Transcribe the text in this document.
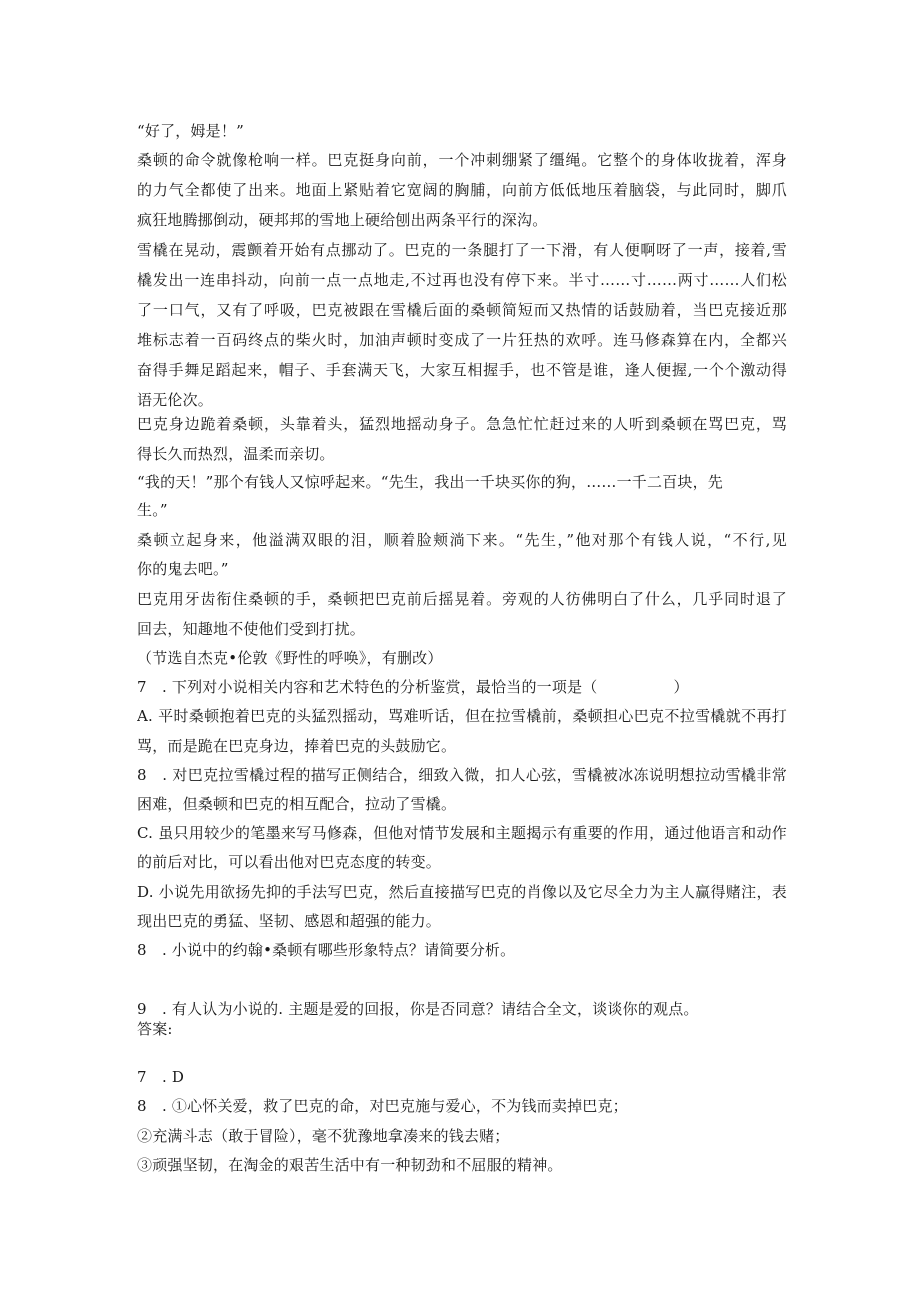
“好了，姆是！”
桑顿的命令就像枪响一样。巴克挺身向前，一个冲刺绷紧了缰绳。它整个的身体收拢着，浑身
的力气全都使了出来。地面上紧贴着它宽阔的胸脯，向前方低低地压着脑袋，与此同时，脚爪
疯狂地腾挪倒动，硬邦邦的雪地上硬给刨出两条平行的深沟。
雪橇在晃动，震颤着开始有点挪动了。巴克的一条腿打了一下滑，有人便啊呀了一声，接着,雪
橇发出一连串抖动，向前一点一点地走,不过再也没有停下来。半寸……寸……两寸……人们松
了一口气，又有了呼吸，巴克被跟在雪橇后面的桑顿简短而又热情的话鼓励着，当巴克接近那
堆标志着一百码终点的柴火时，加油声顿时变成了一片狂热的欢呼。连马修森算在内，全都兴
奋得手舞足蹈起来，帽子、手套满天飞，大家互相握手，也不管是谁，逢人便握,一个个激动得
语无伦次。
巴克身边跪着桑顿，头靠着头，猛烈地摇动身子。急急忙忙赶过来的人听到桑顿在骂巴克，骂
得长久而热烈，温柔而亲切。
“我的天！”那个有钱人又惊呼起来。“先生，我出一千块买你的狗，……一千二百块，先
生。”
桑顿立起身来，他溢满双眼的泪，顺着脸颊淌下来。“先生，”他对那个有钱人说，“不行,见
你的鬼去吧。”
巴克用牙齿衔住桑顿的手，桑顿把巴克前后摇晃着。旁观的人彷佛明白了什么，几乎同时退了
回去，知趣地不使他们受到打扰。
（节选自杰克•伦敦《野性的呼唤》，有删改）
7　. 下列对小说相关内容和艺术特色的分析鉴赏，最恰当的一项是（　　　　　）
A. 平时桑顿抱着巴克的头猛烈摇动，骂难听话，但在拉雪橇前，桑顿担心巴克不拉雪橇就不再打
骂，而是跪在巴克身边，捧着巴克的头鼓励它。
8　. 对巴克拉雪橇过程的描写正侧结合，细致入微，扣人心弦，雪橇被冰冻说明想拉动雪橇非常
困难，但桑顿和巴克的相互配合，拉动了雪橇。
C. 虽只用较少的笔墨来写马修森，但他对情节发展和主题揭示有重要的作用，通过他语言和动作
的前后对比，可以看出他对巴克态度的转变。
D. 小说先用欲扬先抑的手法写巴克，然后直接描写巴克的肖像以及它尽全力为主人赢得赌注，表
现出巴克的勇猛、坚韧、感恩和超强的能力。
8　. 小说中的约翰•桑顿有哪些形象特点？请简要分析。
9　. 有人认为小说的. 主题是爱的回报，你是否同意？请结合全文，谈谈你的观点。
答案:
7　. D
8　. ①心怀关爱，救了巴克的命，对巴克施与爱心，不为钱而卖掉巴克；
②充满斗志（敢于冒险），毫不犹豫地拿凑来的钱去赌；
③顽强坚韧，在淘金的艰苦生活中有一种韧劲和不屈服的精神。
